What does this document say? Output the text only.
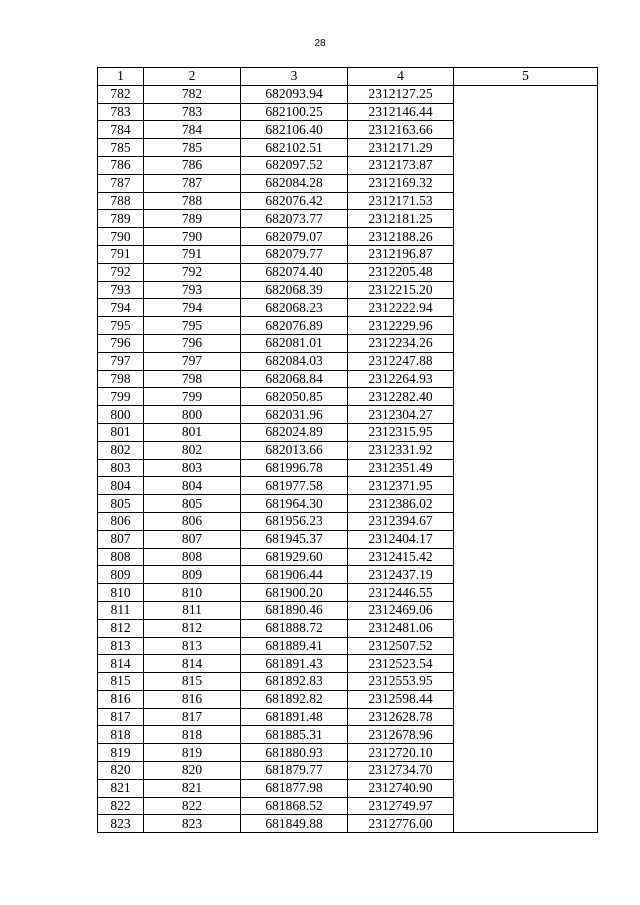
28
1	2	3	4	5
782	782	682093.94	2312127.25	
783	783	682100.25	2312146.44	
784	784	682106.40	2312163.66	
785	785	682102.51	2312171.29	
786	786	682097.52	2312173.87	
787	787	682084.28	2312169.32	
788	788	682076.42	2312171.53	
789	789	682073.77	2312181.25	
790	790	682079.07	2312188.26	
791	791	682079.77	2312196.87	
792	792	682074.40	2312205.48	
793	793	682068.39	2312215.20	
794	794	682068.23	2312222.94	
795	795	682076.89	2312229.96	
796	796	682081.01	2312234.26	
797	797	682084.03	2312247.88	
798	798	682068.84	2312264.93	
799	799	682050.85	2312282.40	
800	800	682031.96	2312304.27	
801	801	682024.89	2312315.95	
802	802	682013.66	2312331.92	
803	803	681996.78	2312351.49	
804	804	681977.58	2312371.95	
805	805	681964.30	2312386.02	
806	806	681956.23	2312394.67	
807	807	681945.37	2312404.17	
808	808	681929.60	2312415.42	
809	809	681906.44	2312437.19	
810	810	681900.20	2312446.55	
811	811	681890.46	2312469.06	
812	812	681888.72	2312481.06	
813	813	681889.41	2312507.52	
814	814	681891.43	2312523.54	
815	815	681892.83	2312553.95	
816	816	681892.82	2312598.44	
817	817	681891.48	2312628.78	
818	818	681885.31	2312678.96	
819	819	681880.93	2312720.10	
820	820	681879.77	2312734.70	
821	821	681877.98	2312740.90	
822	822	681868.52	2312749.97	
823	823	681849.88	2312776.00	
